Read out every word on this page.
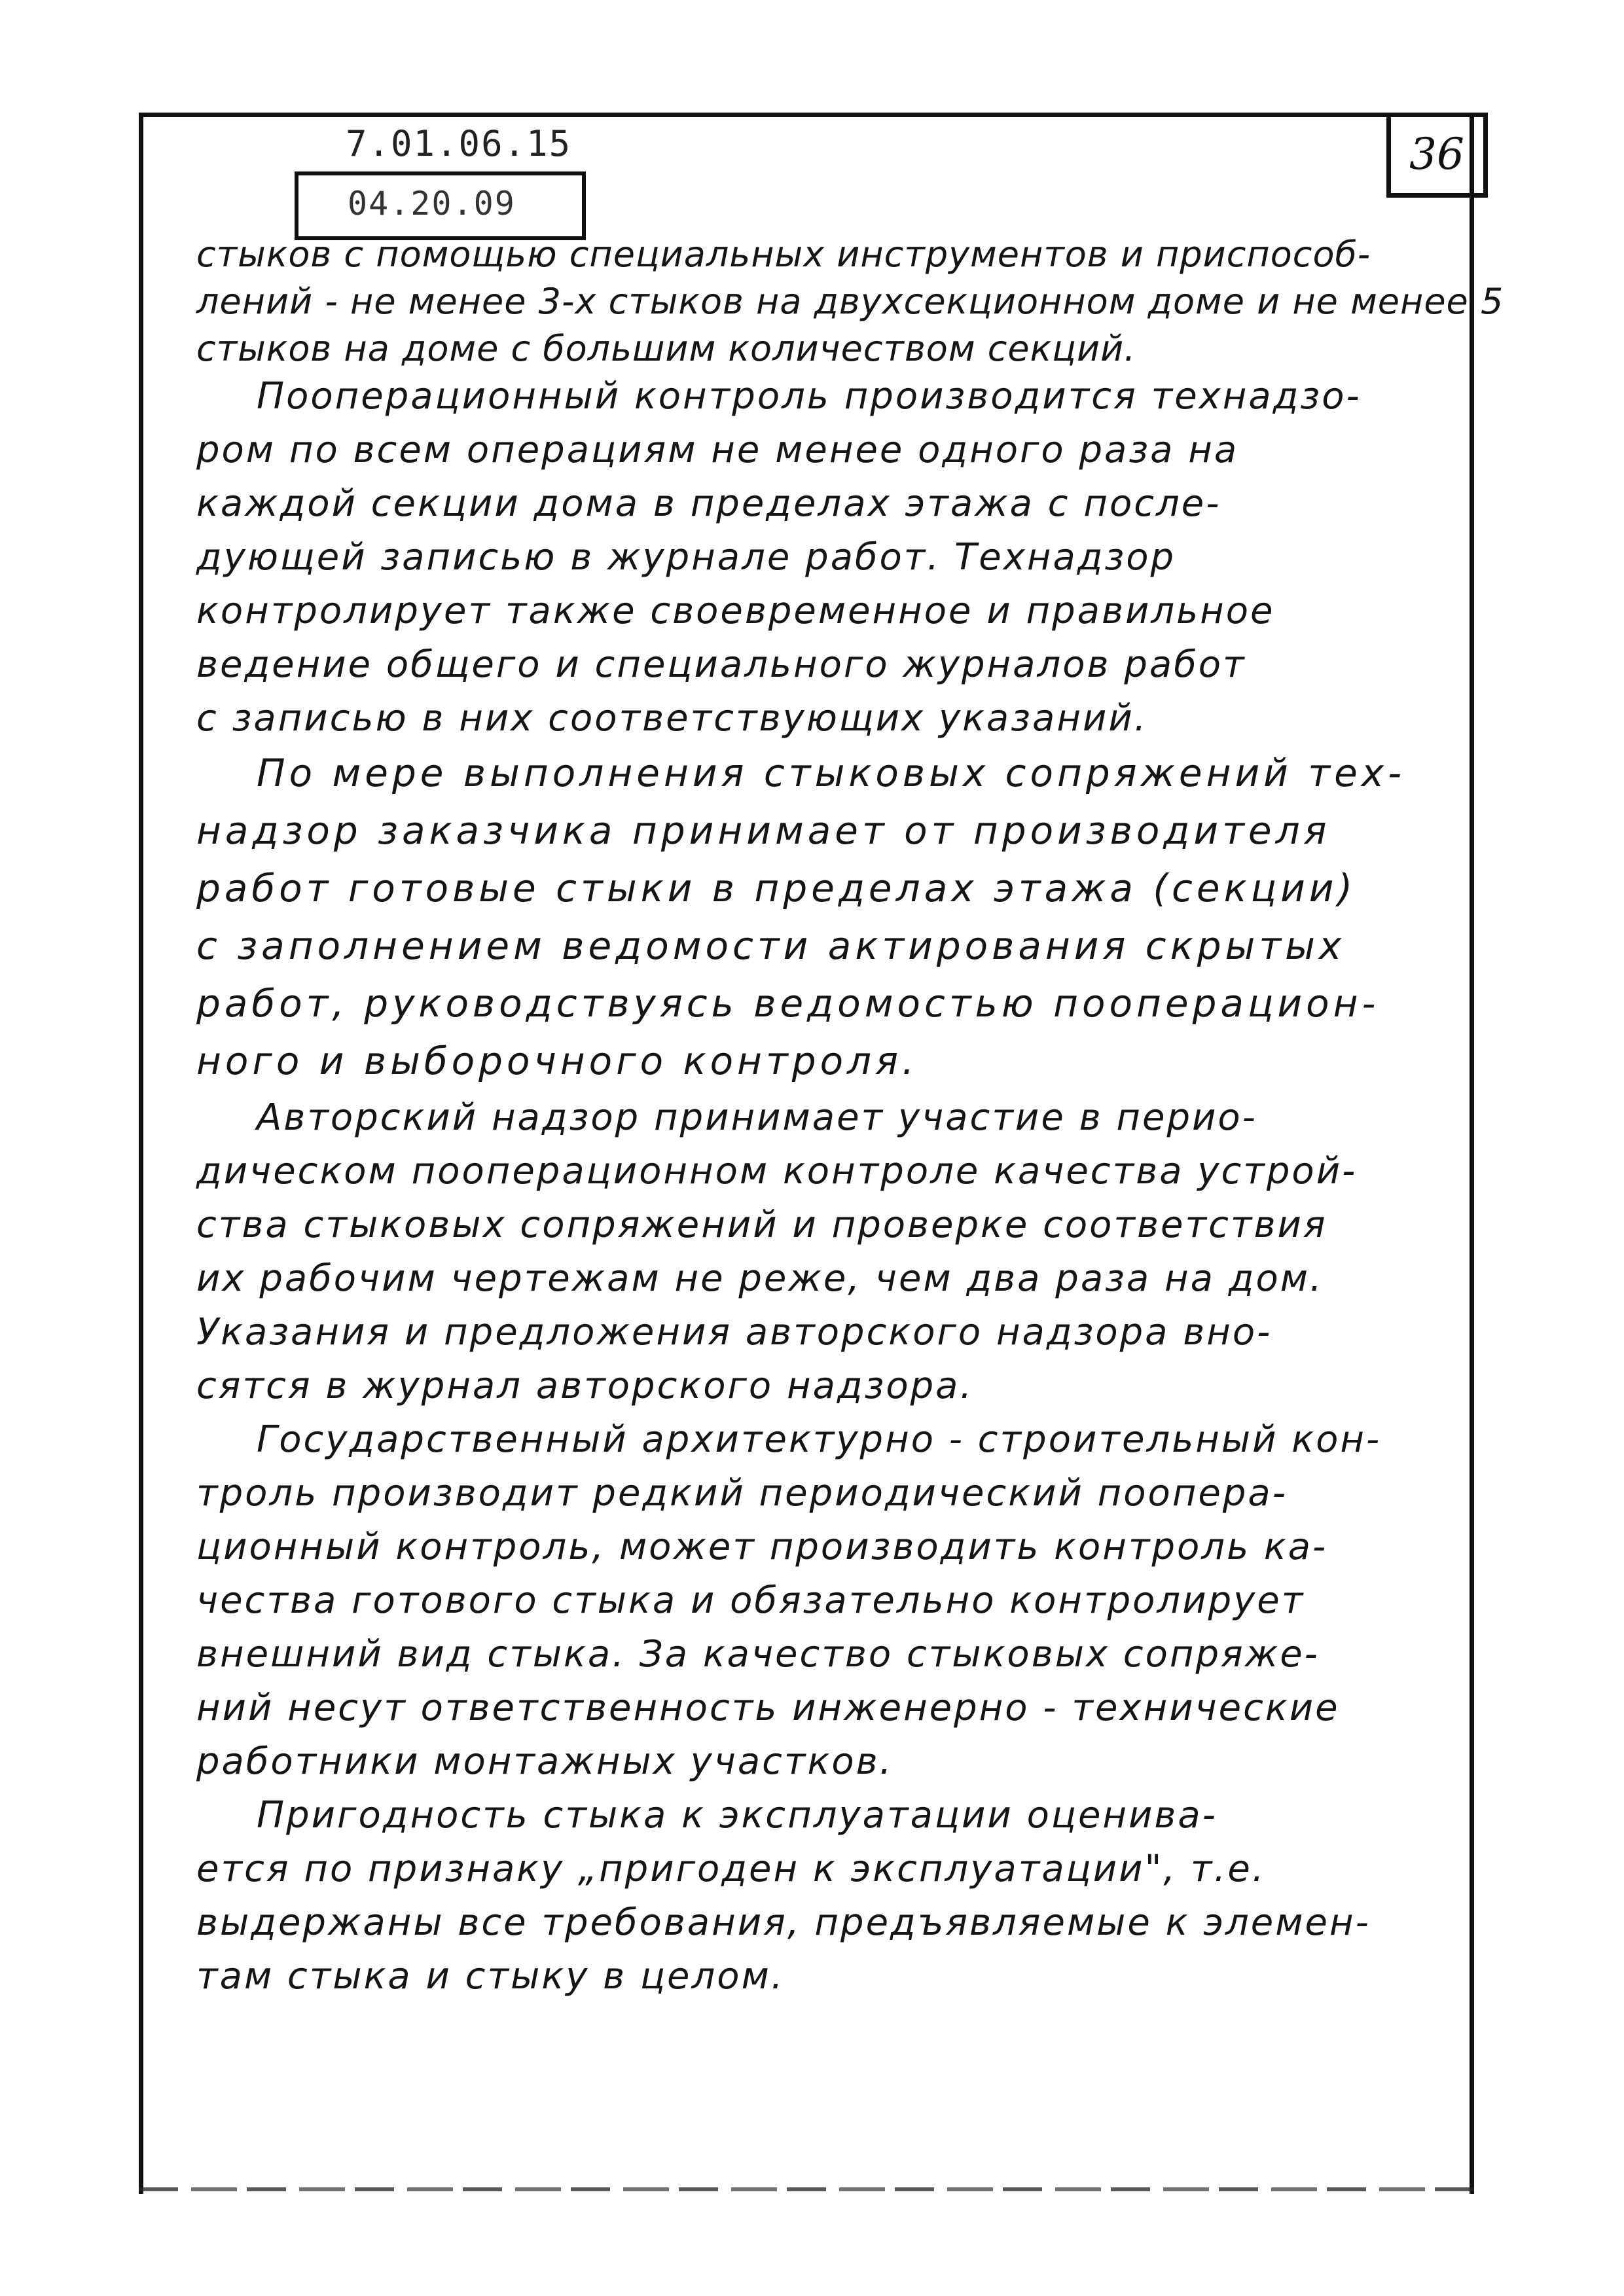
7.01.06.15
04.20.09
36
стыков с помощью специальных инструментов и приспособ-
лений - не менее 3-х стыков на двухсекционном доме и не менее 5
стыков на доме с большим количеством секций.
Пооперационный контроль производится технадзо-
ром по всем операциям не менее одного раза на
каждой секции дома в пределах этажа с после-
дующей записью в журнале работ. Технадзор
контролирует также своевременное и правильное
ведение общего и специального журналов работ
с записью в них соответствующих указаний.
По мере выполнения стыковых сопряжений тех-
надзор заказчика принимает от производителя
работ готовые стыки в пределах этажа (секции)
с заполнением ведомости актирования скрытых
работ, руководствуясь ведомостью пооперацион-
ного и выборочного контроля.
Авторский надзор принимает участие в перио-
дическом пооперационном контроле качества устрой-
ства стыковых сопряжений и проверке соответствия
их рабочим чертежам не реже, чем два раза на дом.
Указания и предложения авторского надзора вно-
сятся в журнал авторского надзора.
Государственный архитектурно - строительный кон-
троль производит редкий периодический поопера-
ционный контроль, может производить контроль ка-
чества готового стыка и обязательно контролирует
внешний вид стыка. За качество стыковых сопряже-
ний несут ответственность инженерно - технические
работники монтажных участков.
Пригодность стыка к эксплуатации оценива-
ется по признаку „пригоден к эксплуатации", т.е.
выдержаны все требования, предъявляемые к элемен-
там стыка и стыку в целом.
